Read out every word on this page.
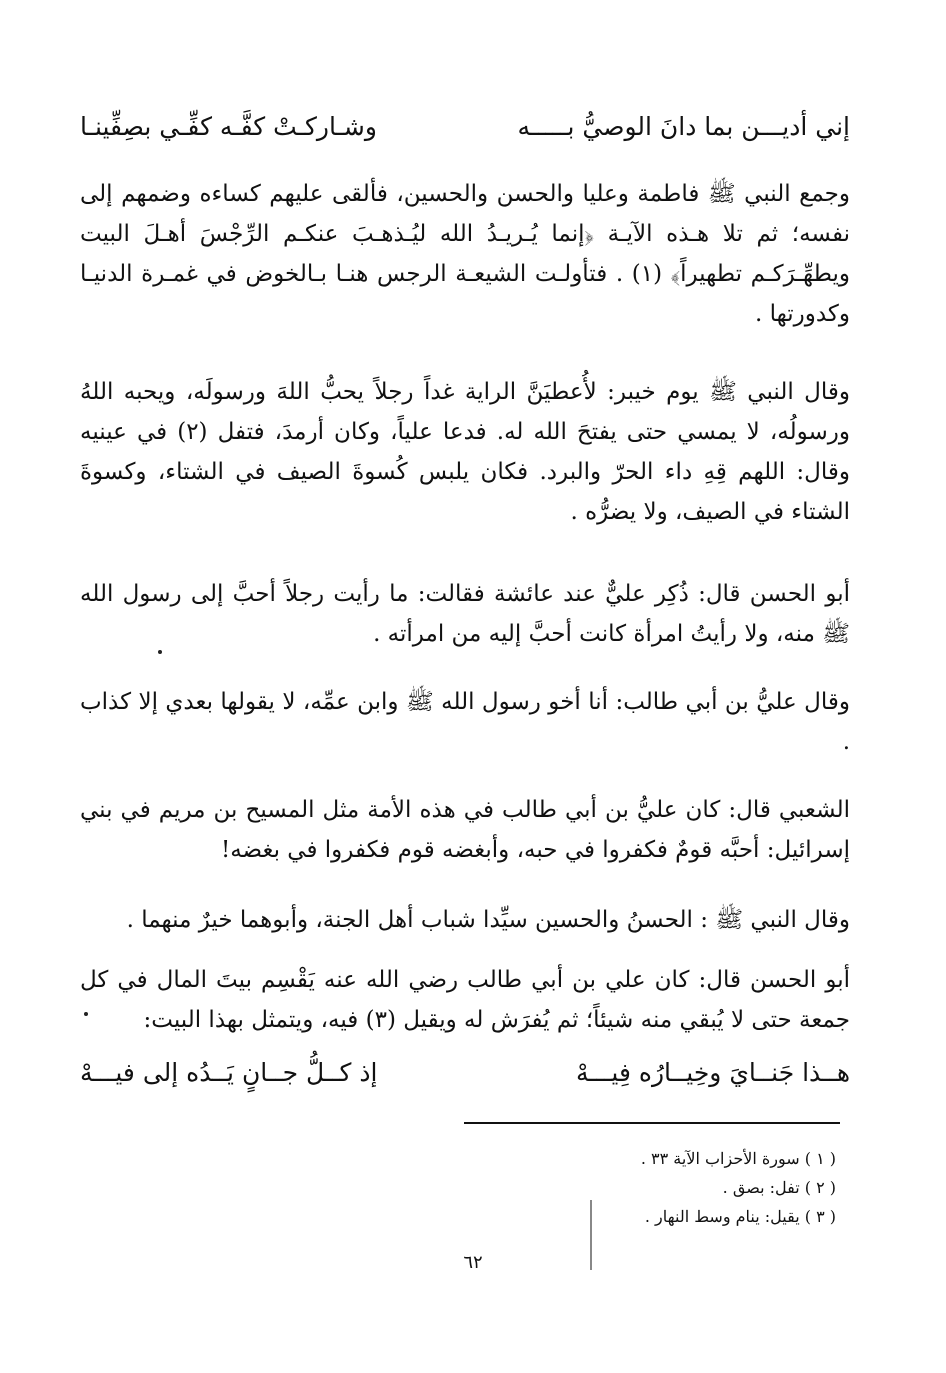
إني أديـــن بما دانَ الوصيُّ بـــــه
وشـاركـتْ كفَّـه كفِّـي بصِفِّينـا

وجمع النبي ﷺ فاطمة وعليا والحسن والحسين، فألقى عليهم كساءه وضمهم إلى نفسه؛ ثم تلا هـذه الآيـة ﴿إنما يُـريـدُ الله ليُـذهـبَ عنكـم الرِّجْسَ أهـلَ البيت ويطهِّـرَكـم تطهيراً﴾ (١) . فتأولـت الشيعـة الرجس هنـا بـالخوض في غمـرة الدنيـا وكدورتها .

وقال النبي ﷺ يوم خيبر: لأُعطيَنَّ الراية غداً رجلاً يحبُّ اللهَ ورسولَه، ويحبه اللهُ ورسولُه، لا يمسي حتى يفتحَ الله له. فدعا علياً، وكان أرمدَ، فتفل (٢) في عينيه وقال: اللهم قِهِ داء الحرّ والبرد. فكان يلبس كُسوةَ الصيف في الشتاء، وكسوةَ الشتاء في الصيف، ولا يضرُّه .

أبو الحسن قال: ذُكِر عليٌّ عند عائشة فقالت: ما رأيت رجلاً أحبَّ إلى رسول الله ﷺ منه، ولا رأيتُ امرأة كانت أحبَّ إليه من امرأته .

وقال عليُّ بن أبي طالب: أنا أخو رسول الله ﷺ وابن عمِّه، لا يقولها بعدي إلا كذاب .

الشعبي قال: كان عليُّ بن أبي طالب في هذه الأمة مثل المسيح بن مريم في بني إسرائيل: أحبَّه قومٌ فكفروا في حبه، وأبغضه قوم فكفروا في بغضه!

وقال النبي ﷺ : الحسنُ والحسين سيِّدا شباب أهل الجنة، وأبوهما خيرٌ منهما .

أبو الحسن قال: كان علي بن أبي طالب رضي الله عنه يَقْسِم بيتَ المال في كل جمعة حتى لا يُبقي منه شيئاً؛ ثم يُفرَش له ويقيل (٣) فيه، ويتمثل بهذا البيت:

هــذا جَنــايَ وخِيــارُه فِيـــهْ
إذ كــلُّ جــانٍ يَــدُه إلى فيـــهْ
( ١ ) سورة الأحزاب الآية ٣٣ .
( ٢ ) تفل: بصق .
( ٣ ) يقيل: ينام وسط النهار .
٦٢
